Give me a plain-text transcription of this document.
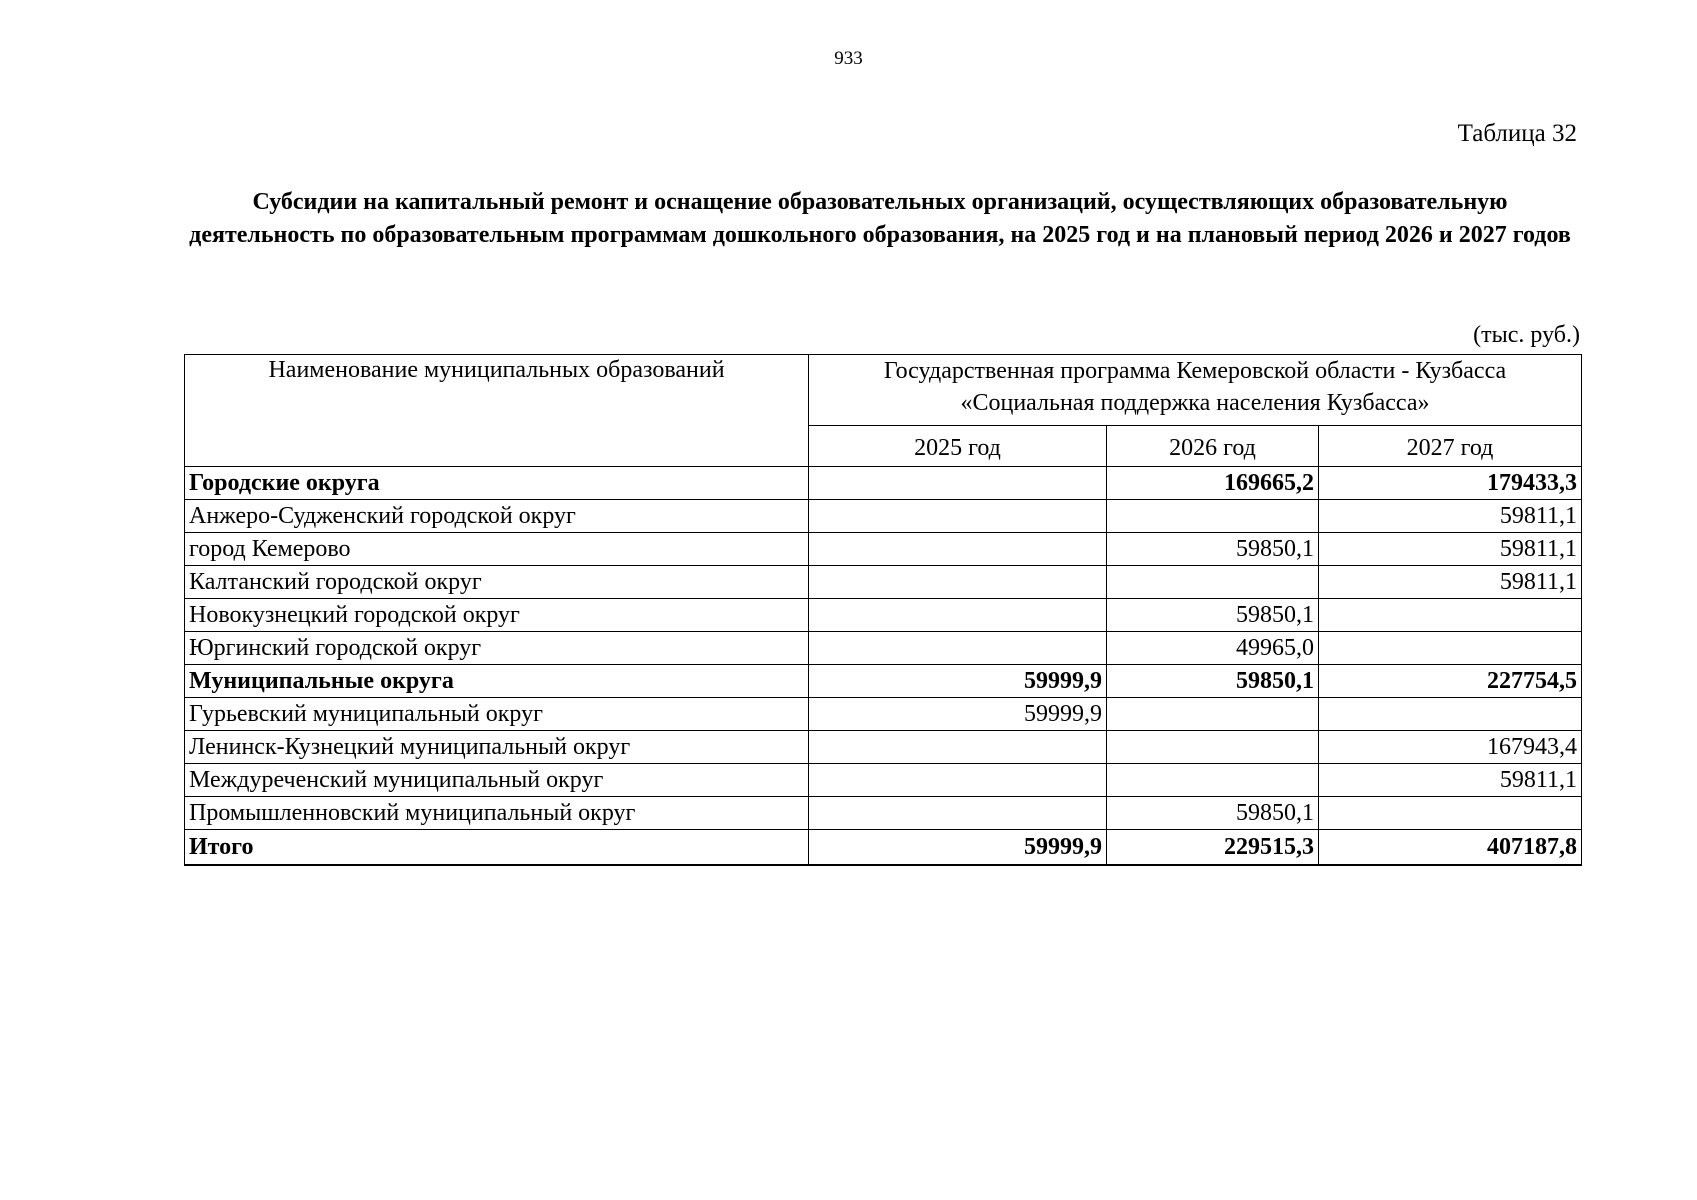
933
Таблица 32
Субсидии на капитальный ремонт и оснащение образовательных организаций, осуществляющих образовательную деятельность по образовательным программам дошкольного образования, на 2025 год и на плановый период 2026 и 2027 годов
(тыс. руб.)
Наименование муниципальных образований	Государственная программа Кемеровской области - Кузбасса
«Социальная поддержка населения Кузбасса»		

	2025 год	2026 год	2027 год
Городские округа		169665,2	179433,3
Анжеро-Судженский городской округ			59811,1
город Кемерово		59850,1	59811,1
Калтанский городской округ			59811,1
Новокузнецкий городской округ		59850,1	
Юргинский городской округ		49965,0	
Муниципальные округа	59999,9	59850,1	227754,5
Гурьевский муниципальный округ	59999,9		
Ленинск-Кузнецкий муниципальный округ			167943,4
Междуреченский муниципальный округ			59811,1
Промышленновский муниципальный округ		59850,1	
Итого	59999,9	229515,3	407187,8
